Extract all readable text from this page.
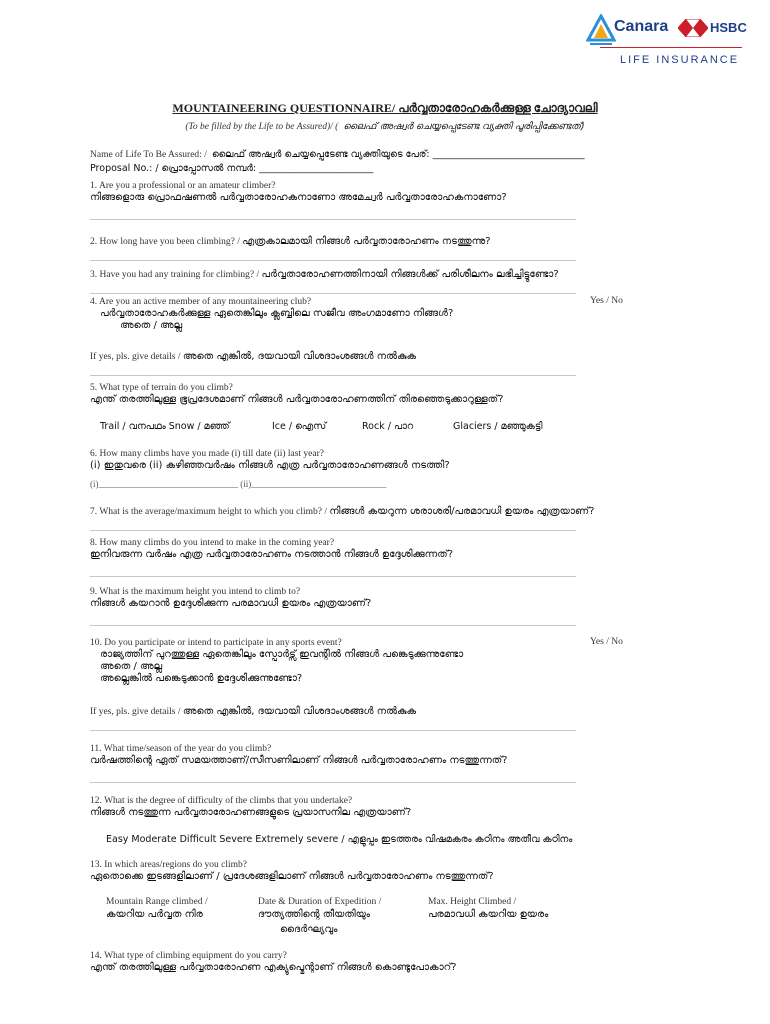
Canara	HSBC
LIFE INSURANCE
MOUNTAINEERING QUESTIONNAIRE/ പർവ്വതാരോഹകർക്കുള്ള ചോദ്യാവലി
(To be filled by the Life to be Assured)/ ( ലൈഫ് അഷ്വർ ചെയ്യപ്പെടേണ്ട വ്യക്തി പൂരിപ്പിക്കേണ്ടത്)
Name of Life To Be Assured: / ലൈഫ് അഷ്വർ ചെയ്യപ്പെടേണ്ട വ്യക്തിയുടെ പേര്: ________________________________
Proposal No.: / പ്രൊപ്പോസൽ നമ്പർ: ________________________
1. Are you a professional or an amateur climber?
നിങ്ങളൊരു പ്രൊഫഷണൽ പർവ്വതാരോഹകനാണോ അമേച്വർ പർവ്വതാരോഹകനാണോ?
____________________________________________________________________________________________________________
2. How long have you been climbing? / എത്രകാലമായി നിങ്ങൾ പർവ്വതാരോഹണം നടത്തുന്നു?
____________________________________________________________________________________________________________
3. Have you had any training for climbing? / പർവ്വതാരോഹണത്തിനായി നിങ്ങൾക്ക് പരിശീലനം ലഭിച്ചിട്ടുണ്ടോ?
____________________________________________________________________________________________________________
4. Are you an active member of any mountaineering club?
പർവ്വതാരോഹകർക്കുള്ള ഏതെങ്കിലും ക്ലബ്ബിലെ സജീവ അംഗമാണോ നിങ്ങൾ?
അതെ / അല്ല
If yes, pls. give details / അതെ എങ്കിൽ, ദയവായി വിശദാംശങ്ങൾ നൽകുക
____________________________________________________________________________________________________________
Yes / No
5. What type of terrain do you climb?
എന്ത് തരത്തിലുള്ള ഭൂപ്രദേശമാണ് നിങ്ങൾ പർവ്വതാരോഹണത്തിന് തിരഞ്ഞെടുക്കാറുള്ളത്?
Trail / വനപഥം Snow / മഞ്ഞ്	Ice / ഐസ്	Rock / പാറ	Glaciers / മഞ്ഞുകട്ടി
6. How many climbs have you made (i) till date (ii) last year?
(i) ഇതുവരെ (ii) കഴിഞ്ഞവർഷം നിങ്ങൾ എത്ര പർവ്വതാരോഹണങ്ങൾ നടത്തി?
(i)_______________________________ (ii)______________________________
7. What is the average/maximum height to which you climb? / നിങ്ങൾ കയറുന്ന ശരാശരി/പരമാവധി ഉയരം എത്രയാണ്?
____________________________________________________________________________________________________________
8. How many climbs do you intend to make in the coming year?
ഇനിവരുന്ന വർഷം എത്ര പർവ്വതാരോഹണം നടത്താൻ നിങ്ങൾ ഉദ്ദേശിക്കുന്നത്?
____________________________________________________________________________________________________________
9. What is the maximum height you intend to climb to?
നിങ്ങൾ കയറാൻ ഉദ്ദേശിക്കുന്ന പരമാവധി ഉയരം എത്രയാണ്?
____________________________________________________________________________________________________________
10. Do you participate or intend to participate in any sports event?
രാജ്യത്തിന് പുറത്തുള്ള ഏതെങ്കിലും സ്പോർട്സ് ഇവന്റിൽ നിങ്ങൾ പങ്കെടുക്കുന്നുണ്ടോ
അതെ / അല്ല
അല്ലെങ്കിൽ പങ്കെടുക്കാൻ ഉദ്ദേശിക്കുന്നുണ്ടോ?
If yes, pls. give details / അതെ എങ്കിൽ, ദയവായി വിശദാംശങ്ങൾ നൽകുക
____________________________________________________________________________________________________________
Yes / No
11. What time/season of the year do you climb?
വർഷത്തിന്റെ ഏത് സമയത്താണ്/സീസണിലാണ് നിങ്ങൾ പർവ്വതാരോഹണം നടത്തുന്നത്?
____________________________________________________________________________________________________________
12. What is the degree of difficulty of the climbs that you undertake?
നിങ്ങൾ നടത്തുന്ന പർവ്വതാരോഹണങ്ങളുടെ പ്രയാസനില എത്രയാണ്?
Easy Moderate Difficult Severe Extremely severe / എളുപ്പം ഇടത്തരം വിഷമകരം കഠിനം അതീവ കഠിനം
13. In which areas/regions do you climb?
ഏതൊക്കെ ഇടങ്ങളിലാണ് / പ്രദേശങ്ങളിലാണ് നിങ്ങൾ പർവ്വതാരോഹണം നടത്തുന്നത്?
Mountain Range climbed /
കയറിയ പർവ്വത നിര
Date & Duration of Expedition /
ദൗത്യത്തിന്റെ തീയതിയും
ദൈർഘ്യവും
Max. Height Climbed /
പരമാവധി കയറിയ ഉയരം
14. What type of climbing equipment do you carry?
എന്ത് തരത്തിലുള്ള പർവ്വതാരോഹണ എക്യുപ്മെന്റാണ് നിങ്ങൾ കൊണ്ടുപോകാറ്?
